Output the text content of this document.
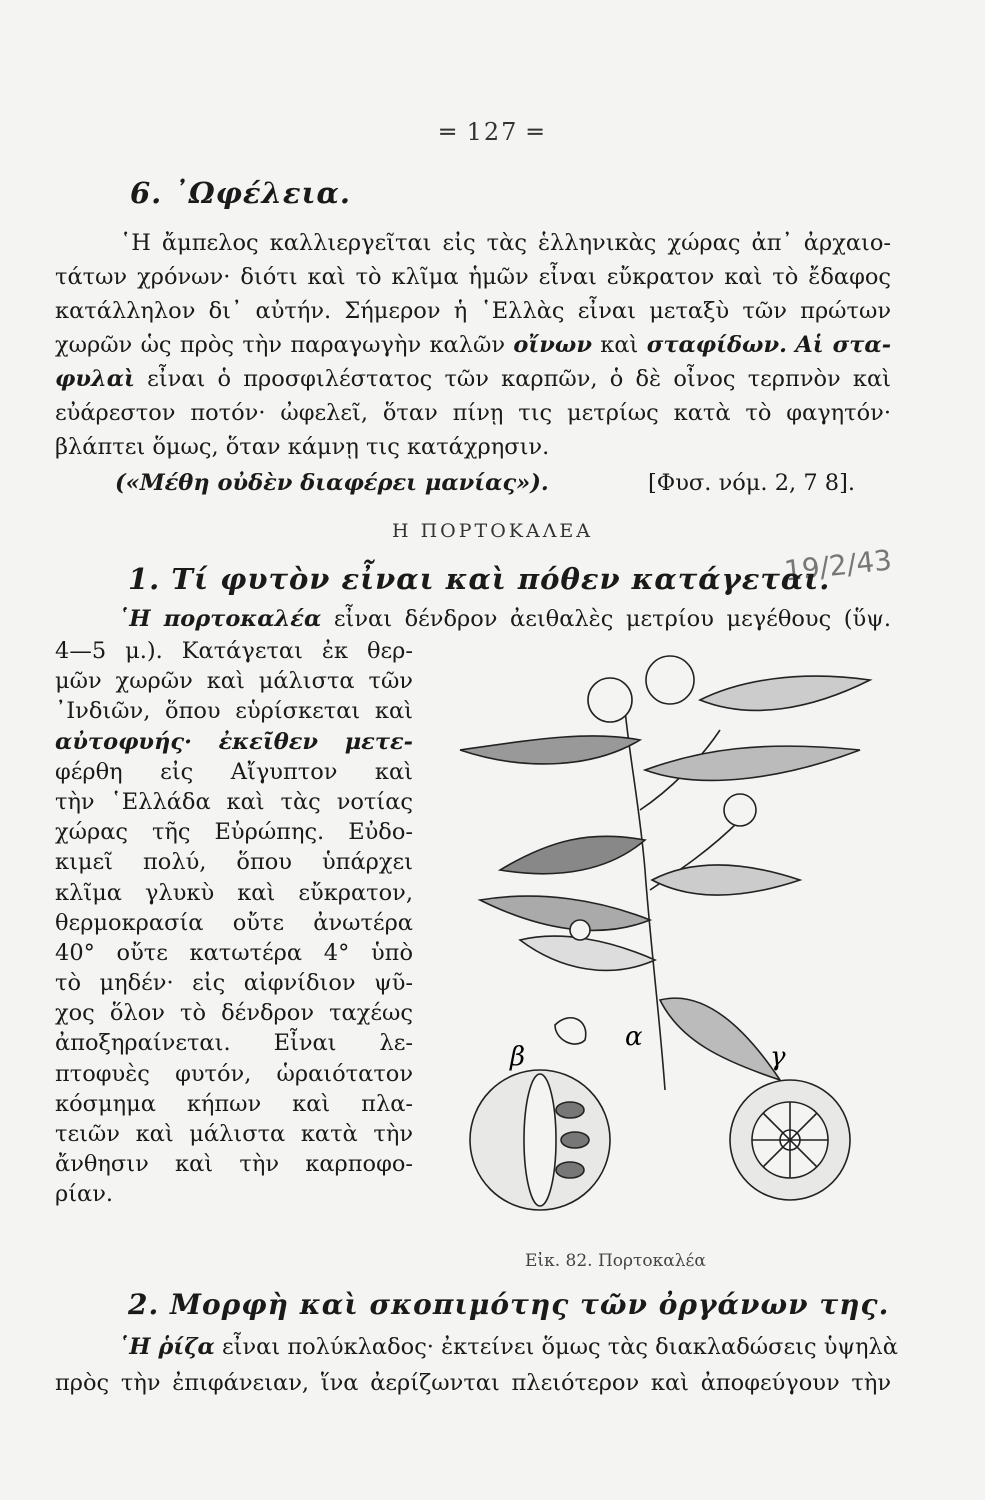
═ 127 ═
6. ᾿Ωφέλεια.
῾Η ἄμπελος καλλιεργεῖται εἰς τὰς ἑλληνικὰς χώρας ἀπ᾿ ἀρχαιο-
τάτων χρόνων· διότι καὶ τὸ κλῖμα ἡμῶν εἶναι εὔκρατον καὶ τὸ ἔδαφος
κατάλληλον δι᾿ αὐτήν. Σήμερον ἡ ῾Ελλὰς εἶναι μεταξὺ τῶν πρώτων
χωρῶν ὡς πρὸς τὴν παραγωγὴν καλῶν οἴνων καὶ σταφίδων. Αἱ στα-
φυλαὶ εἶναι ὁ προσφιλέστατος τῶν καρπῶν, ὁ δὲ οἶνος τερπνὸν καὶ
εὐάρεστον ποτόν· ὠφελεῖ, ὅταν πίνῃ τις μετρίως κατὰ τὸ φαγητόν·
βλάπτει ὅμως, ὅταν κάμνῃ τις κατάχρησιν.
(«Μέθη οὐδὲν διαφέρει μανίας»).	[Φυσ. νόμ. 2, 7 8].
Η ΠΟΡΤΟΚΑΛΕΑ
19/2/43
1. Τί φυτὸν εἶναι καὶ πόθεν κατάγεται.
῾Η πορτοκαλέα εἶναι δένδρον ἀειθαλὲς μετρίου μεγέθους (ὕψ.
4—5 μ.). Κατάγεται ἐκ θερ-
μῶν χωρῶν καὶ μάλιστα τῶν
᾿Ινδιῶν, ὅπου εὑρίσκεται καὶ
αὐτοφυής· ἐκεῖθεν μετε-
φέρθη εἰς Αἴγυπτον καὶ
τὴν ῾Ελλάδα καὶ τὰς νοτίας
χώρας τῆς Εὐρώπης. Εὐδο-
κιμεῖ πολύ, ὅπου ὑπάρχει
κλῖμα γλυκὺ καὶ εὔκρατον,
θερμοκρασία οὔτε ἀνωτέρα
40° οὔτε κατωτέρα 4° ὑπὸ
τὸ μηδέν· εἰς αἰφνίδιον ψῦ-
χος ὅλον τὸ δένδρον ταχέως
ἀποξηραίνεται. Εἶναι λε-
πτοφυὲς φυτόν, ὡραιότατον
κόσμημα κήπων καὶ πλα-
τειῶν καὶ μάλιστα κατὰ τὴν
ἄνθησιν καὶ τὴν καρποφο-
ρίαν.
α
β	γ
Εἰκ. 82. Πορτοκαλέα
2. Μορφὴ καὶ σκοπιμότης τῶν ὀργάνων της.
῾Η ῥίζα εἶναι πολύκλαδος· ἐκτείνει ὅμως τὰς διακλαδώσεις ὑψηλὰ
πρὸς τὴν ἐπιφάνειαν, ἵνα ἀερίζωνται πλειότερον καὶ ἀποφεύγουν τὴν
